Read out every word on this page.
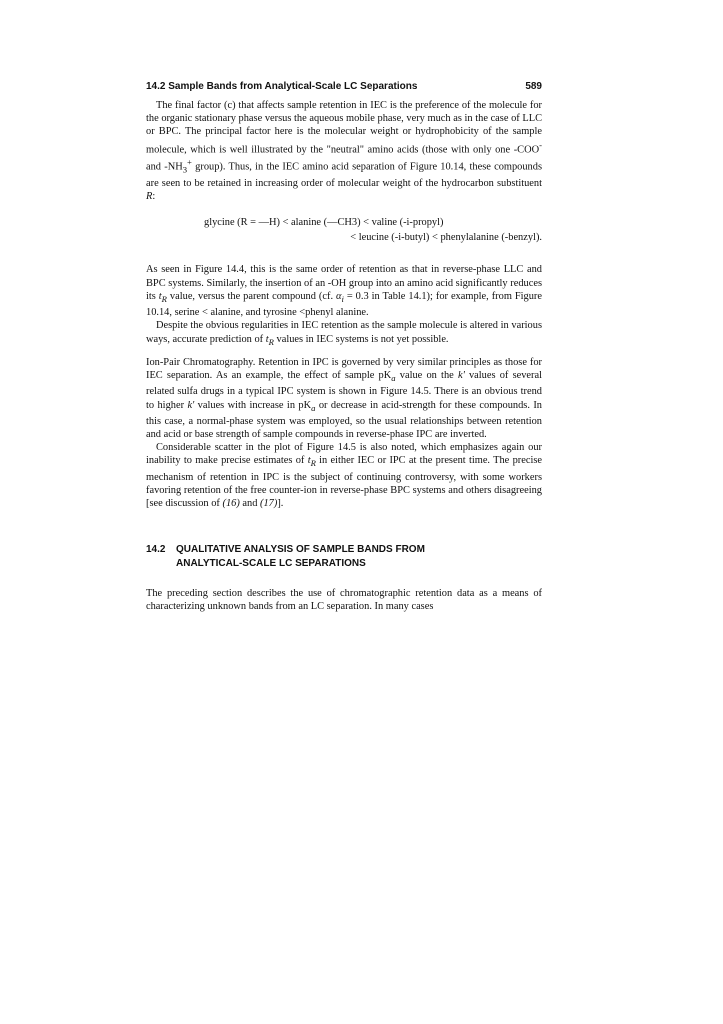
14.2 Sample Bands from Analytical-Scale LC Separations	589

The final factor (c) that affects sample retention in IEC is the preference of the molecule for the organic stationary phase versus the aqueous mobile phase, very much as in the case of LLC or BPC. The principal factor here is the molecular weight or hydrophobicity of the sample molecule, which is well illustrated by the "neutral" amino acids (those with only one -COO- and $-NH_3^+$ group). Thus, in the IEC amino acid separation of Figure 10.14, these compounds are seen to be retained in increasing order of molecular weight of the hydrocarbon substituent R:

glycine (R = —H) < alanine (—CH3) < valine (-i-propyl)
< leucine (-i-butyl) < phenylalanine (-benzyl).

As seen in Figure 14.4, this is the same order of retention as that in reverse-phase LLC and BPC systems. Similarly, the insertion of an -OH group into an amino acid significantly reduces its $t_R$ value, versus the parent compound (cf. $\alpha_i = 0.3$ in Table 14.1); for example, from Figure 10.14, serine < alanine, and tyrosine <phenyl alanine.

Despite the obvious regularities in IEC retention as the sample molecule is altered in various ways, accurate prediction of $t_R$ values in IEC systems is not yet possible.

Ion-Pair Chromatography. Retention in IPC is governed by very similar principles as those for IEC separation. As an example, the effect of sample $pK_a$ value on the k' values of several related sulfa drugs in a typical IPC system is shown in Figure 14.5. There is an obvious trend to higher k' values with increase in $pK_a$ or decrease in acid-strength for these compounds. In this case, a normal-phase system was employed, so the usual relationships between retention and acid or base strength of sample compounds in reverse-phase IPC are inverted.

Considerable scatter in the plot of Figure 14.5 is also noted, which emphasizes again our inability to make precise estimates of $t_R$ in either IEC or IPC at the present time. The precise mechanism of retention in IPC is the subject of continuing controversy, with some workers favoring retention of the free counter-ion in reverse-phase BPC systems and others disagreeing [see discussion of (16) and (17)].

14.2 QUALITATIVE ANALYSIS OF SAMPLE BANDS FROM
ANALYTICAL-SCALE LC SEPARATIONS

The preceding section describes the use of chromatographic retention data as a means of characterizing unknown bands from an LC separation. In many cases
